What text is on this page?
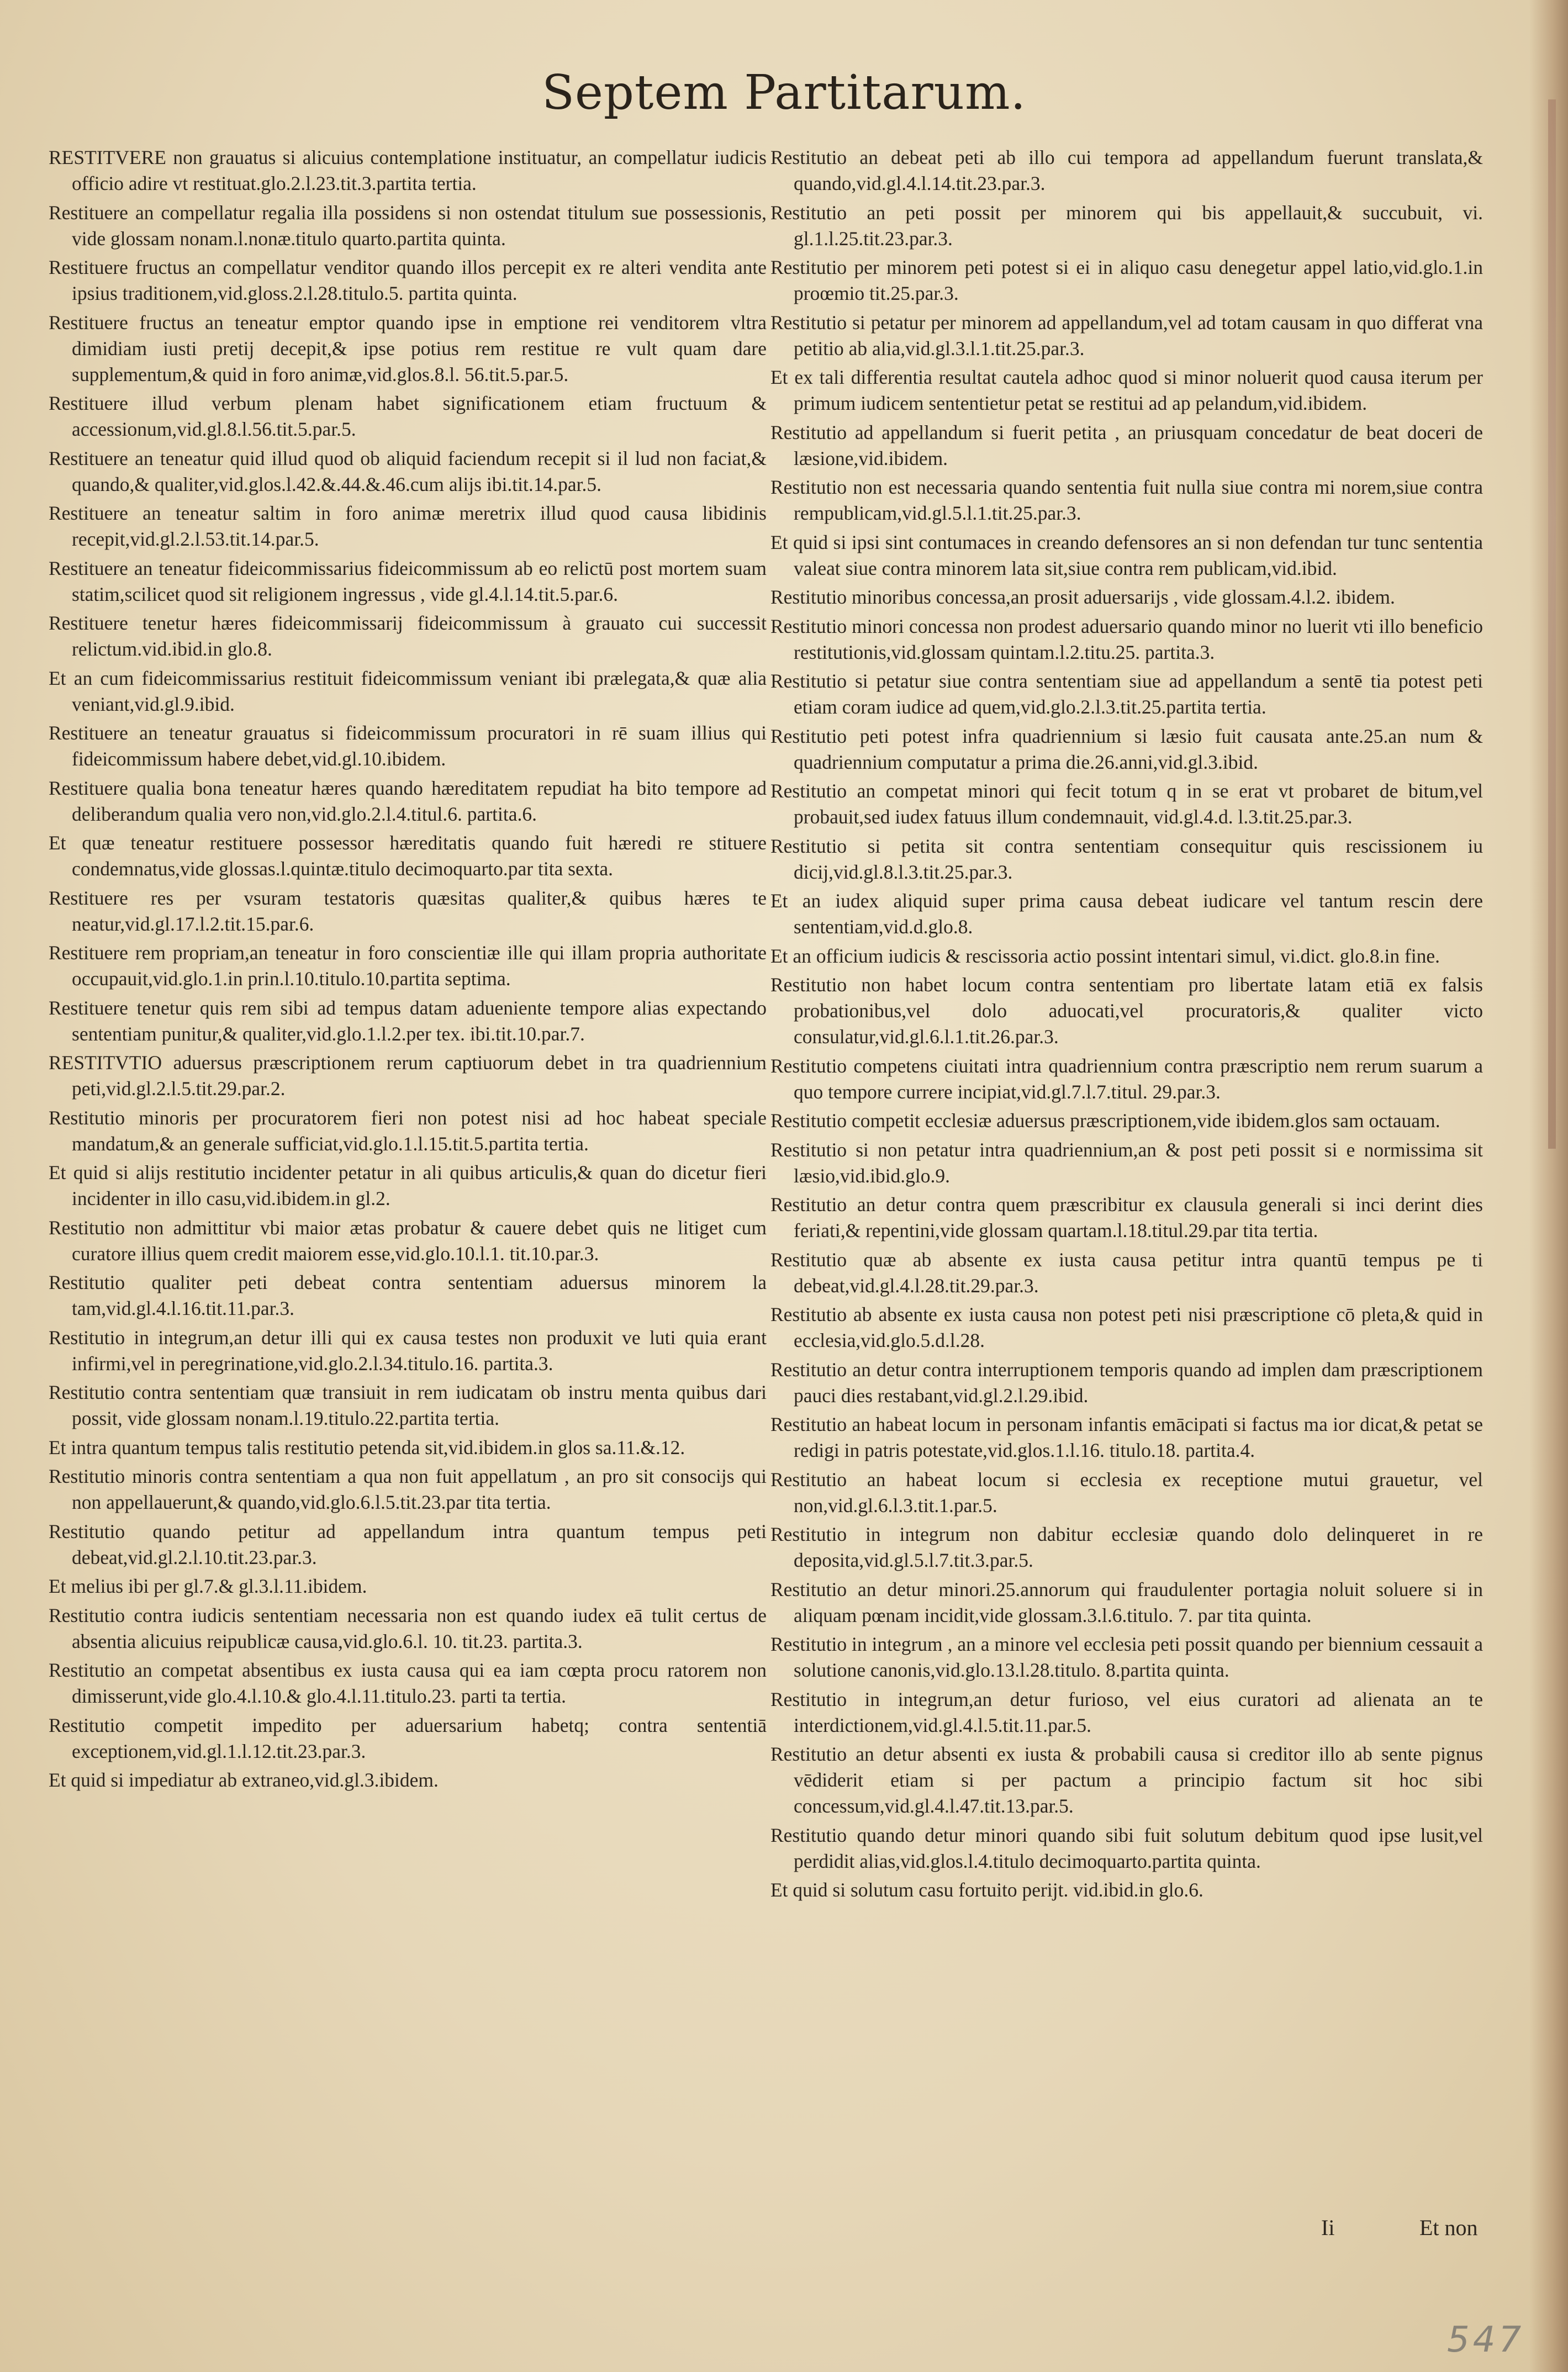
Septem Partitarum.

RESTITVERE non grauatus si alicuius contemplatione instituatur, an compellatur iudicis officio adire vt restituat.glo.2.l.23.tit.3.partita tertia.

Restituere an compellatur regalia illa possidens si non ostendat titulum sue possessionis, vide glossam nonam.l.nonæ.titulo quarto.partita quinta.

Restituere fructus an compellatur venditor quando illos percepit ex re alteri vendita ante ipsius traditionem,vid.gloss.2.l.28.titulo.5. partita quinta.

Restituere fructus an teneatur emptor quando ipse in emptione rei venditorem vltra dimidiam iusti pretij decepit,& ipse potius rem restitue re vult quam dare supplementum,& quid in foro animæ,vid.glos.8.l. 56.tit.5.par.5.

Restituere illud verbum plenam habet significationem etiam fructuum & accessionum,vid.gl.8.l.56.tit.5.par.5.

Restituere an teneatur quid illud quod ob aliquid faciendum recepit si il lud non faciat,& quando,& qualiter,vid.glos.l.42.&.44.&.46.cum alijs ibi.tit.14.par.5.

Restituere an teneatur saltim in foro animæ meretrix illud quod causa libidinis recepit,vid.gl.2.l.53.tit.14.par.5.

Restituere an teneatur fideicommissarius fideicommissum ab eo relictū post mortem suam statim,scilicet quod sit religionem ingressus , vide gl.4.l.14.tit.5.par.6.

Restituere tenetur hæres fideicommissarij fideicommissum à grauato cui successit relictum.vid.ibid.in glo.8.

Et an cum fideicommissarius restituit fideicommissum veniant ibi prælegata,& quæ alia veniant,vid.gl.9.ibid.

Restituere an teneatur grauatus si fideicommissum procuratori in rē suam illius qui fideicommissum habere debet,vid.gl.10.ibidem.

Restituere qualia bona teneatur hæres quando hæreditatem repudiat ha bito tempore ad deliberandum qualia vero non,vid.glo.2.l.4.titul.6. partita.6.

Et quæ teneatur restituere possessor hæreditatis quando fuit hæredi re stituere condemnatus,vide glossas.l.quintæ.titulo decimoquarto.par tita sexta.

Restituere res per vsuram testatoris quæsitas qualiter,& quibus hæres te neatur,vid.gl.17.l.2.tit.15.par.6.

Restituere rem propriam,an teneatur in foro conscientiæ ille qui illam propria authoritate occupauit,vid.glo.1.in prin.l.10.titulo.10.partita septima.

Restituere tenetur quis rem sibi ad tempus datam adueniente tempore alias expectando sententiam punitur,& qualiter,vid.glo.1.l.2.per tex. ibi.tit.10.par.7.

RESTITVTIO aduersus præscriptionem rerum captiuorum debet in tra quadriennium peti,vid.gl.2.l.5.tit.29.par.2.

Restitutio minoris per procuratorem fieri non potest nisi ad hoc habeat speciale mandatum,& an generale sufficiat,vid.glo.1.l.15.tit.5.partita tertia.

Et quid si alijs restitutio incidenter petatur in ali quibus articulis,& quan do dicetur fieri incidenter in illo casu,vid.ibidem.in gl.2.

Restitutio non admittitur vbi maior ætas probatur & cauere debet quis ne litiget cum curatore illius quem credit maiorem esse,vid.glo.10.l.1. tit.10.par.3.

Restitutio qualiter peti debeat contra sententiam aduersus minorem la tam,vid.gl.4.l.16.tit.11.par.3.

Restitutio in integrum,an detur illi qui ex causa testes non produxit ve luti quia erant infirmi,vel in peregrinatione,vid.glo.2.l.34.titulo.16. partita.3.

Restitutio contra sententiam quæ transiuit in rem iudicatam ob instru menta quibus dari possit, vide glossam nonam.l.19.titulo.22.partita tertia.

Et intra quantum tempus talis restitutio petenda sit,vid.ibidem.in glos sa.11.&.12.

Restitutio minoris contra sententiam a qua non fuit appellatum , an pro sit consocijs qui non appellauerunt,& quando,vid.glo.6.l.5.tit.23.par tita tertia.

Restitutio quando petitur ad appellandum intra quantum tempus peti debeat,vid.gl.2.l.10.tit.23.par.3.

Et melius ibi per gl.7.& gl.3.l.11.ibidem.

Restitutio contra iudicis sententiam necessaria non est quando iudex eā tulit certus de absentia alicuius reipublicæ causa,vid.glo.6.l. 10. tit.23. partita.3.

Restitutio an competat absentibus ex iusta causa qui ea iam cœpta procu ratorem non dimisserunt,vide glo.4.l.10.& glo.4.l.11.titulo.23. parti ta tertia.

Restitutio competit impedito per aduersarium habetq; contra sententiā exceptionem,vid.gl.1.l.12.tit.23.par.3.

Et quid si impediatur ab extraneo,vid.gl.3.ibidem.

Restitutio an debeat peti ab illo cui tempora ad appellandum fuerunt translata,& quando,vid.gl.4.l.14.tit.23.par.3.

Restitutio an peti possit per minorem qui bis appellauit,& succubuit, vi. gl.1.l.25.tit.23.par.3.

Restitutio per minorem peti potest si ei in aliquo casu denegetur appel latio,vid.glo.1.in proœmio tit.25.par.3.

Restitutio si petatur per minorem ad appellandum,vel ad totam causam in quo differat vna petitio ab alia,vid.gl.3.l.1.tit.25.par.3.

Et ex tali differentia resultat cautela adhoc quod si minor noluerit quod causa iterum per primum iudicem sententietur petat se restitui ad ap pelandum,vid.ibidem.

Restitutio ad appellandum si fuerit petita , an priusquam concedatur de beat doceri de læsione,vid.ibidem.

Restitutio non est necessaria quando sententia fuit nulla siue contra mi norem,siue contra rempublicam,vid.gl.5.l.1.tit.25.par.3.

Et quid si ipsi sint contumaces in creando defensores an si non defendan tur tunc sententia valeat siue contra minorem lata sit,siue contra rem publicam,vid.ibid.

Restitutio minoribus concessa,an prosit aduersarijs , vide glossam.4.l.2. ibidem.

Restitutio minori concessa non prodest aduersario quando minor no luerit vti illo beneficio restitutionis,vid.glossam quintam.l.2.titu.25. partita.3.

Restitutio si petatur siue contra sententiam siue ad appellandum a sentē tia potest peti etiam coram iudice ad quem,vid.glo.2.l.3.tit.25.partita tertia.

Restitutio peti potest infra quadriennium si læsio fuit causata ante.25.an num & quadriennium computatur a prima die.26.anni,vid.gl.3.ibid.

Restitutio an competat minori qui fecit totum q in se erat vt probaret de bitum,vel probauit,sed iudex fatuus illum condemnauit, vid.gl.4.d. l.3.tit.25.par.3.

Restitutio si petita sit contra sententiam consequitur quis rescissionem iu dicij,vid.gl.8.l.3.tit.25.par.3.

Et an iudex aliquid super prima causa debeat iudicare vel tantum rescin dere sententiam,vid.d.glo.8.

Et an officium iudicis & rescissoria actio possint intentari simul, vi.dict. glo.8.in fine.

Restitutio non habet locum contra sententiam pro libertate latam etiā ex falsis probationibus,vel dolo aduocati,vel procuratoris,& qualiter victo consulatur,vid.gl.6.l.1.tit.26.par.3.

Restitutio competens ciuitati intra quadriennium contra præscriptio nem rerum suarum a quo tempore currere incipiat,vid.gl.7.l.7.titul. 29.par.3.

Restitutio competit ecclesiæ aduersus præscriptionem,vide ibidem.glos sam octauam.

Restitutio si non petatur intra quadriennium,an & post peti possit si e normissima sit læsio,vid.ibid.glo.9.

Restitutio an detur contra quem præscribitur ex clausula generali si inci derint dies feriati,& repentini,vide glossam quartam.l.18.titul.29.par tita tertia.

Restitutio quæ ab absente ex iusta causa petitur intra quantū tempus pe ti debeat,vid.gl.4.l.28.tit.29.par.3.

Restitutio ab absente ex iusta causa non potest peti nisi præscriptione cō pleta,& quid in ecclesia,vid.glo.5.d.l.28.

Restitutio an detur contra interruptionem temporis quando ad implen dam præscriptionem pauci dies restabant,vid.gl.2.l.29.ibid.

Restitutio an habeat locum in personam infantis emācipati si factus ma ior dicat,& petat se redigi in patris potestate,vid.glos.1.l.16. titulo.18. partita.4.

Restitutio an habeat locum si ecclesia ex receptione mutui grauetur, vel non,vid.gl.6.l.3.tit.1.par.5.

Restitutio in integrum non dabitur ecclesiæ quando dolo delinqueret in re deposita,vid.gl.5.l.7.tit.3.par.5.

Restitutio an detur minori.25.annorum qui fraudulenter portagia noluit soluere si in aliquam pœnam incidit,vide glossam.3.l.6.titulo. 7. par tita quinta.

Restitutio in integrum , an a minore vel ecclesia peti possit quando per biennium cessauit a solutione canonis,vid.glo.13.l.28.titulo. 8.partita quinta.

Restitutio in integrum,an detur furioso, vel eius curatori ad alienata an te interdictionem,vid.gl.4.l.5.tit.11.par.5.

Restitutio an detur absenti ex iusta & probabili causa si creditor illo ab sente pignus vēdiderit etiam si per pactum a principio factum sit hoc sibi concessum,vid.gl.4.l.47.tit.13.par.5.

Restitutio quando detur minori quando sibi fuit solutum debitum quod ipse lusit,vel perdidit alias,vid.glos.l.4.titulo decimoquarto.partita quinta.

Et quid si solutum casu fortuito perijt. vid.ibid.in glo.6.

Ii	Et non
547
